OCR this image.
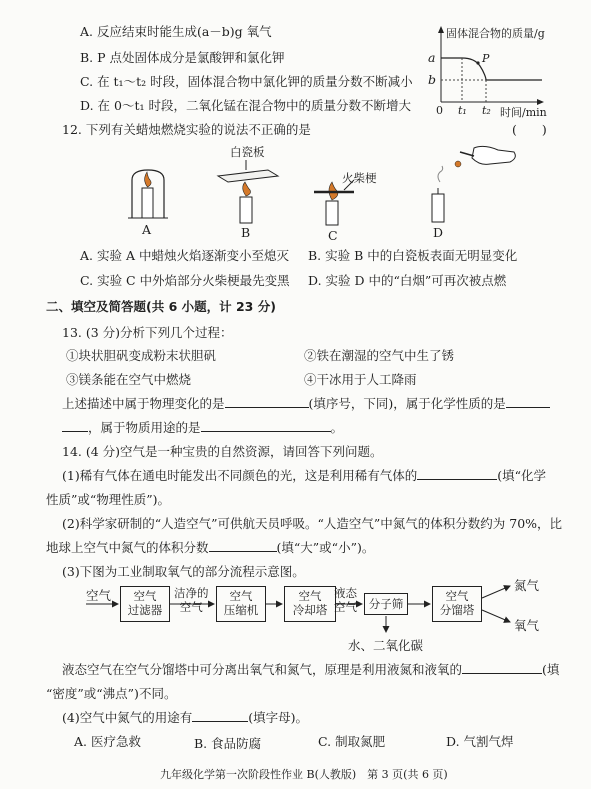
A. 反应结束时能生成(a－b)g 氧气
B. P 点处固体成分是氯酸钾和氯化钾
C. 在 t₁～t₂ 时段，固体混合物中氯化钾的质量分数不断减小
D. 在 0～t₁ 时段，二氧化锰在混合物中的质量分数不断增大
固体混合物的质量/g
a
b
P
0 t₁ t₂ 时间/min
12. 下列有关蜡烛燃烧实验的说法不正确的是	(　　)
A
白瓷板
B
火柴梗
C	D
A. 实验 A 中蜡烛火焰逐渐变小至熄灭 B. 实验 B 中的白瓷板表面无明显变化
C. 实验 C 中外焰部分火柴梗最先变黑 D. 实验 D 中的“白烟”可再次被点燃
二、填空及简答题(共 6 小题，计 23 分)
13. (3 分)分析下列几个过程：
①块状胆矾变成粉末状胆矾	②铁在潮湿的空气中生了锈
③镁条能在空气中燃烧	④干冰用于人工降雨
上述描述中属于物理变化的是	(填序号，下同)，属于化学性质的是
，属于物质用途的是	。
14. (4 分)空气是一种宝贵的自然资源，请回答下列问题。
(1)稀有气体在通电时能发出不同颜色的光，这是利用稀有气体的	(填“化学
性质”或“物理性质”)。
(2)科学家研制的“人造空气”可供航天员呼吸。“人造空气”中氮气的体积分数约为 70%，比
地球上空气中氮气的体积分数	(填“大”或“小”)。
(3)下图为工业制取氧气的部分流程示意图。
空气	空气
过滤器
洁净的
空气
空气
压缩机
空气
冷却塔
液态
空气	分子筛
空气
分馏塔
氮气
氧气
水、二氧化碳
液态空气在空气分馏塔中可分离出氧气和氮气，原理是利用液氮和液氧的	(填
“密度”或“沸点”)不同。
(4)空气中氮气的用途有	(填字母)。
A. 医疗急救	B. 食品防腐	C. 制取氮肥	D. 气割气焊
九年级化学第一次阶段性作业 B(人教版)　第 3 页(共 6 页)
